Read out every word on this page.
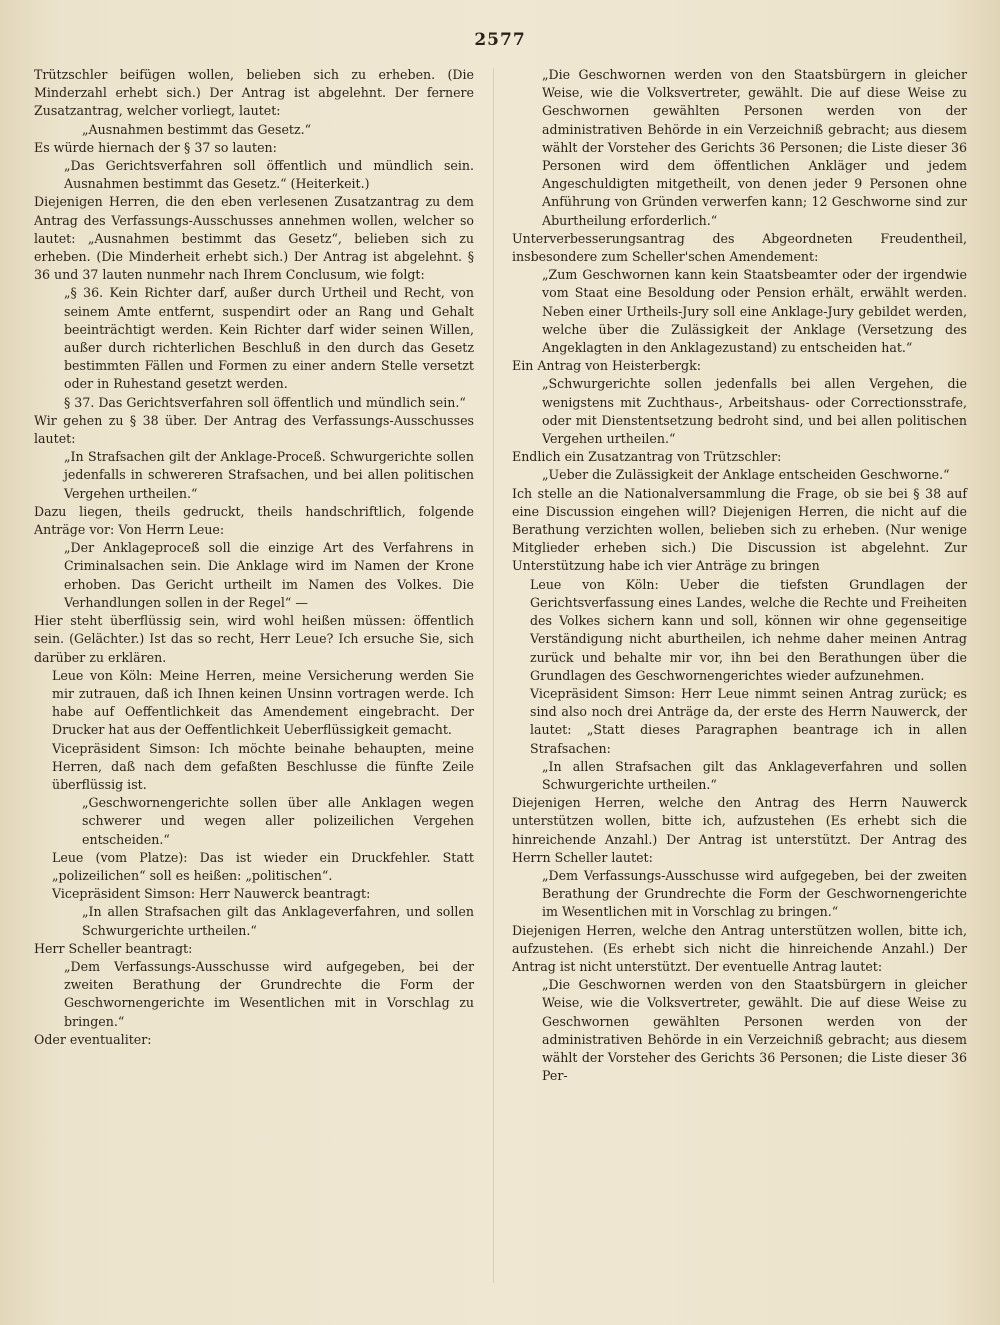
2577

Trützschler beifügen wollen, belieben sich zu erheben. (Die Minderzahl erhebt sich.) Der Antrag ist abgelehnt. Der fernere Zusatzantrag, welcher vorliegt, lautet:

„Ausnahmen bestimmt das Gesetz.“

Es würde hiernach der § 37 so lauten:

„Das Gerichtsverfahren soll öffentlich und mündlich sein. Ausnahmen bestimmt das Gesetz.“ (Heiterkeit.)

Diejenigen Herren, die den eben verlesenen Zusatzantrag zu dem Antrag des Verfassungs-Ausschusses annehmen wollen, welcher so lautet: „Ausnahmen bestimmt das Gesetz“, belieben sich zu erheben. (Die Minderheit erhebt sich.) Der Antrag ist abgelehnt. § 36 und 37 lauten nunmehr nach Ihrem Conclusum, wie folgt:

„§ 36. Kein Richter darf, außer durch Urtheil und Recht, von seinem Amte entfernt, suspendirt oder an Rang und Gehalt beeinträchtigt werden. Kein Richter darf wider seinen Willen, außer durch richterlichen Beschluß in den durch das Gesetz bestimmten Fällen und Formen zu einer andern Stelle versetzt oder in Ruhestand gesetzt werden.

§ 37. Das Gerichtsverfahren soll öffentlich und mündlich sein.“

Wir gehen zu § 38 über. Der Antrag des Verfassungs-Ausschusses lautet:

„In Strafsachen gilt der Anklage-Proceß. Schwurgerichte sollen jedenfalls in schwereren Strafsachen, und bei allen politischen Vergehen urtheilen.“

Dazu liegen, theils gedruckt, theils handschriftlich, folgende Anträge vor: Von Herrn Leue:

„Der Anklageproceß soll die einzige Art des Verfahrens in Criminalsachen sein. Die Anklage wird im Namen der Krone erhoben. Das Gericht urtheilt im Namen des Volkes. Die Verhandlungen sollen in der Regel“ —

Hier steht überflüssig sein, wird wohl heißen müssen: öffentlich sein. (Gelächter.) Ist das so recht, Herr Leue? Ich ersuche Sie, sich darüber zu erklären.

Leue von Köln: Meine Herren, meine Versicherung werden Sie mir zutrauen, daß ich Ihnen keinen Unsinn vortragen werde. Ich habe auf Oeffentlichkeit das Amendement eingebracht. Der Drucker hat aus der Oeffentlichkeit Ueberflüssigkeit gemacht.

Vicepräsident Simson: Ich möchte beinahe behaupten, meine Herren, daß nach dem gefaßten Beschlusse die fünfte Zeile überflüssig ist.

„Geschwornengerichte sollen über alle Anklagen wegen schwerer und wegen aller polizeilichen Vergehen entscheiden.“

Leue (vom Platze): Das ist wieder ein Druckfehler. Statt „polizeilichen“ soll es heißen: „politischen“.

Vicepräsident Simson: Herr Nauwerck beantragt:

„In allen Strafsachen gilt das Anklageverfahren, und sollen Schwurgerichte urtheilen.“

Herr Scheller beantragt:

„Dem Verfassungs-Ausschusse wird aufgegeben, bei der zweiten Berathung der Grundrechte die Form der Geschwornengerichte im Wesentlichen mit in Vorschlag zu bringen.“

Oder eventualiter:

„Die Geschwornen werden von den Staatsbürgern in gleicher Weise, wie die Volksvertreter, gewählt. Die auf diese Weise zu Geschwornen gewählten Personen werden von der administrativen Behörde in ein Verzeichniß gebracht; aus diesem wählt der Vorsteher des Gerichts 36 Personen; die Liste dieser 36 Personen wird dem öffentlichen Ankläger und jedem Angeschuldigten mitgetheilt, von denen jeder 9 Personen ohne Anführung von Gründen verwerfen kann; 12 Geschworne sind zur Aburtheilung erforderlich.“

Unterverbesserungsantrag des Abgeordneten Freudentheil, insbesondere zum Scheller'schen Amendement:

„Zum Geschwornen kann kein Staatsbeamter oder der irgendwie vom Staat eine Besoldung oder Pension erhält, erwählt werden. Neben einer Urtheils-Jury soll eine Anklage-Jury gebildet werden, welche über die Zulässigkeit der Anklage (Versetzung des Angeklagten in den Anklagezustand) zu entscheiden hat.“

Ein Antrag von Heisterbergk:

„Schwurgerichte sollen jedenfalls bei allen Vergehen, die wenigstens mit Zuchthaus-, Arbeitshaus- oder Correctionsstrafe, oder mit Dienstentsetzung bedroht sind, und bei allen politischen Vergehen urtheilen.“

Endlich ein Zusatzantrag von Trützschler:

„Ueber die Zulässigkeit der Anklage entscheiden Geschworne.“

Ich stelle an die Nationalversammlung die Frage, ob sie bei § 38 auf eine Discussion eingehen will? Diejenigen Herren, die nicht auf die Berathung verzichten wollen, belieben sich zu erheben. (Nur wenige Mitglieder erheben sich.) Die Discussion ist abgelehnt. Zur Unterstützung habe ich vier Anträge zu bringen

Leue von Köln: Ueber die tiefsten Grundlagen der Gerichtsverfassung eines Landes, welche die Rechte und Freiheiten des Volkes sichern kann und soll, können wir ohne gegenseitige Verständigung nicht aburtheilen, ich nehme daher meinen Antrag zurück und behalte mir vor, ihn bei den Berathungen über die Grundlagen des Geschwornengerichtes wieder aufzunehmen.

Vicepräsident Simson: Herr Leue nimmt seinen Antrag zurück; es sind also noch drei Anträge da, der erste des Herrn Nauwerck, der lautet: „Statt dieses Paragraphen beantrage ich in allen Strafsachen:

„In allen Strafsachen gilt das Anklageverfahren und sollen Schwurgerichte urtheilen.“

Diejenigen Herren, welche den Antrag des Herrn Nauwerck unterstützen wollen, bitte ich, aufzustehen (Es erhebt sich die hinreichende Anzahl.) Der Antrag ist unterstützt. Der Antrag des Herrn Scheller lautet:

„Dem Verfassungs-Ausschusse wird aufgegeben, bei der zweiten Berathung der Grundrechte die Form der Geschwornengerichte im Wesentlichen mit in Vorschlag zu bringen.“

Diejenigen Herren, welche den Antrag unterstützen wollen, bitte ich, aufzustehen. (Es erhebt sich nicht die hinreichende Anzahl.) Der Antrag ist nicht unterstützt. Der eventuelle Antrag lautet:

„Die Geschwornen werden von den Staatsbürgern in gleicher Weise, wie die Volksvertreter, gewählt. Die auf diese Weise zu Geschwornen gewählten Personen werden von der administrativen Behörde in ein Verzeichniß gebracht; aus diesem wählt der Vorsteher des Gerichts 36 Personen; die Liste dieser 36 Per-
